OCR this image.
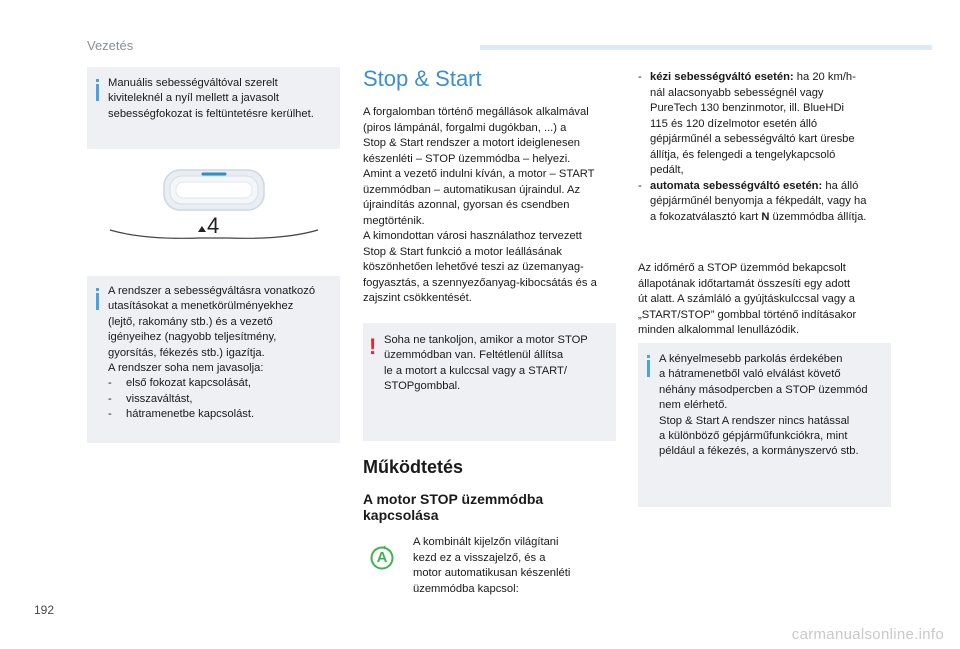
Vezetés
192
carmanualsonline.info
Manuális sebességváltóval szerelt
kiviteleknél a nyíl mellett a javasolt
sebességfokozat is feltüntetésre kerülhet.
4
A rendszer a sebességváltásra vonatkozó
utasításokat a menetkörülményekhez
(lejtő, rakomány stb.) és a vezető
igényeihez (nagyobb teljesítmény,
gyorsítás, fékezés stb.) igazítja.
A rendszer soha nem javasolja:
- első fokozat kapcsolását,
- visszaváltást,
- hátramenetbe kapcsolást.
Stop & Start
A forgalomban történő megállások alkalmával
(piros lámpánál, forgalmi dugókban, ...) a
Stop & Start rendszer a motort ideiglenesen
készenléti – STOP üzemmódba – helyezi.
Amint a vezető indulni kíván, a motor – START
üzemmódban – automatikusan újraindul. Az
újraindítás azonnal, gyorsan és csendben
megtörténik.
A kimondottan városi használathoz tervezett
Stop & Start funkció a motor leállásának
köszönhetően lehetővé teszi az üzemanyag-
fogyasztás, a szennyezőanyag-kibocsátás és a
zajszint csökkentését.
! Soha ne tankoljon, amikor a motor STOP
üzemmódban van. Feltétlenül állítsa
le a motort a kulccsal vagy a START/
STOPgombbal.
Működtetés
A motor STOP üzemmódba
kapcsolása
A
A kombinált kijelzőn világítani
kezd ez a visszajelző, és a
motor automatikusan készenléti
üzemmódba kapcsol:
- kézi sebességváltó esetén: ha 20 km/h-
nál alacsonyabb sebességnél vagy
PureTech 130 benzinmotor, ill. BlueHDi
115 és 120 dízelmotor esetén álló
gépjárműnél a sebességváltó kart üresbe
állítja, és felengedi a tengelykapcsoló
pedált,
- automata sebességváltó esetén: ha álló
gépjárműnél benyomja a fékpedált, vagy ha
a fokozatválasztó kart N üzemmódba állítja.
Az időmérő a STOP üzemmód bekapcsolt
állapotának időtartamát összesíti egy adott
út alatt. A számláló a gyújtáskulccsal vagy a
„START/STOP” gombbal történő indításakor
minden alkalommal lenullázódik.
A kényelmesebb parkolás érdekében
a hátramenetből való elválást követő
néhány másodpercben a STOP üzemmód
nem elérhető.
Stop & Start A rendszer nincs hatással
a különböző gépjárműfunkciókra, mint
például a fékezés, a kormányszervó stb.
